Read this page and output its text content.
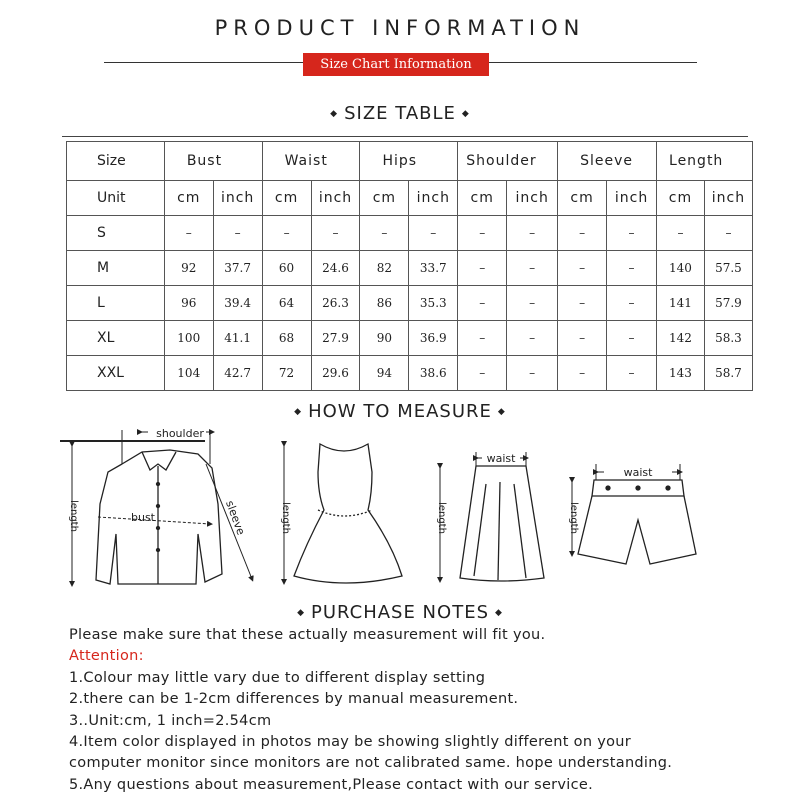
PRODUCT INFORMATION
Size Chart Information
◆ SIZE TABLE ◆
Size	Bust		Waist		Hips		Shoulder		Sleeve		Length	
Unit	cm	inch	cm	inch	cm	inch	cm	inch	cm	inch	cm	inch
S	–	–	–	–	–	–	–	–	–	–	–	–
M	92	37.7	60	24.6	82	33.7	–	–	–	–	140	57.5
L	96	39.4	64	26.3	86	35.3	–	–	–	–	141	57.9
XL	100	41.1	68	27.9	90	36.9	–	–	–	–	142	58.3
XXL	104	42.7	72	29.6	94	38.6	–	–	–	–	143	58.7
◆ HOW TO MEASURE ◆
shoulder
bust	sleeve
length	length
waist
length
waist
length
◆ PURCHASE NOTES ◆
Please make sure that these actually measurement will fit you.
Attention:
1.Colour may little vary due to different display setting
2.there can be 1-2cm differences by manual measurement.
3..Unit:cm, 1 inch=2.54cm
4.Item color displayed in photos may be showing slightly different on your
computer monitor since monitors are not calibrated same. hope understanding.
5.Any questions about measurement,Please contact with our service.
